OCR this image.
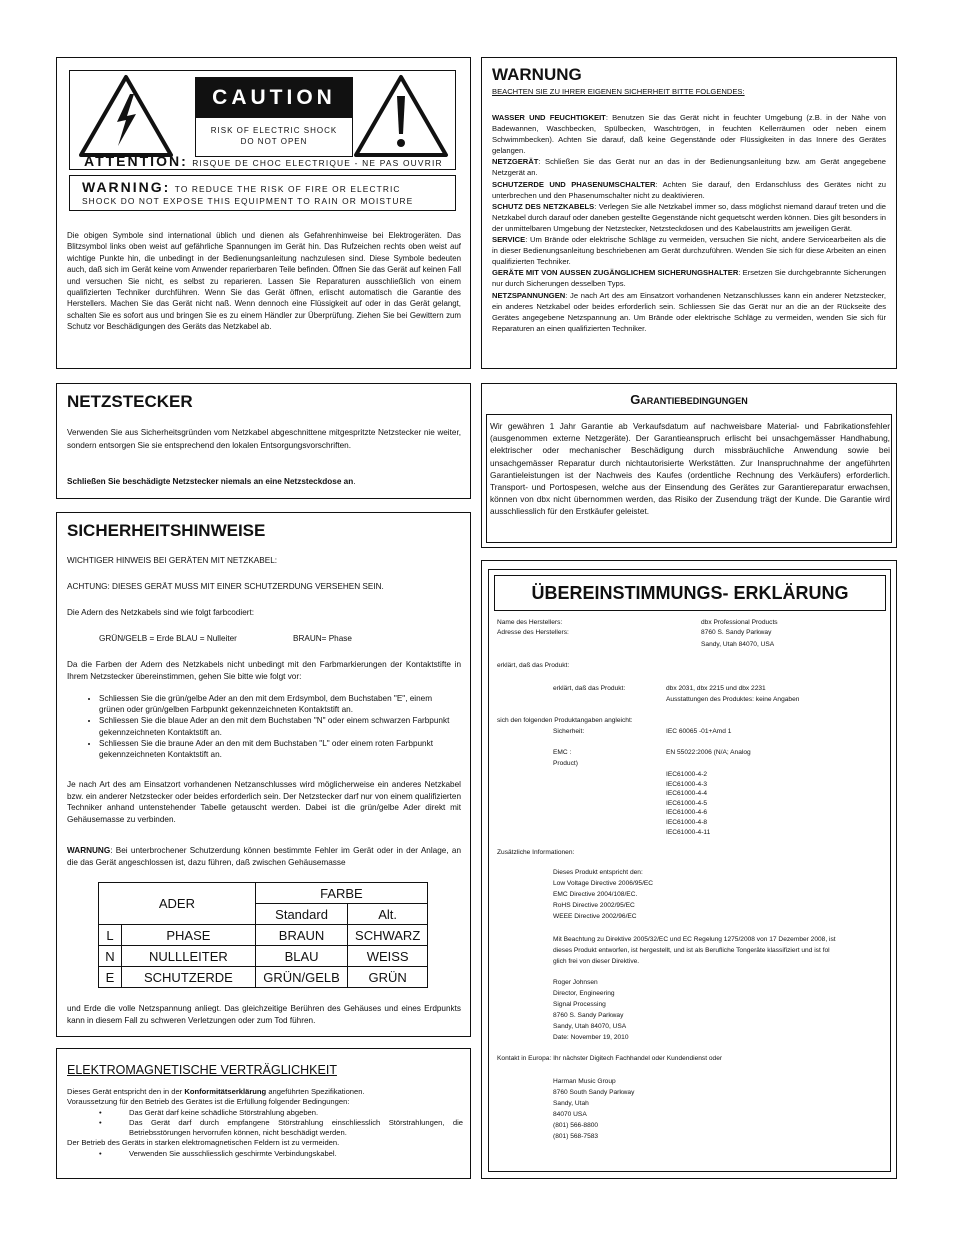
CAUTION
RISK OF ELECTRIC SHOCK
DO NOT OPEN
ATTENTION: RISQUE DE CHOC ELECTRIQUE - NE PAS OUVRIR
WARNING: TO REDUCE THE RISK OF FIRE OR ELECTRIC
SHOCK DO NOT EXPOSE THIS EQUIPMENT TO RAIN OR MOISTURE

Die obigen Symbole sind international üblich und dienen als Gefahrenhinweise bei Elektrogeräten. Das Blitzsymbol links oben weist auf gefährliche Spannungen im Gerät hin. Das Rufzeichen rechts oben weist auf wichtige Punkte hin, die unbedingt in der Bedienungsanleitung nachzulesen sind. Diese Symbole bedeuten auch, daß sich im Gerät keine vom Anwender reparierbaren Teile befinden. Öffnen Sie das Gerät auf keinen Fall und versuchen Sie nicht, es selbst zu reparieren. Lassen Sie Reparaturen ausschließlich von einem qualifizierten Techniker durchführen. Wenn Sie das Gerät öffnen, erlischt automatisch die Garantie des Herstellers. Machen Sie das Gerät nicht naß. Wenn dennoch eine Flüssigkeit auf oder in das Gerät gelangt, schalten Sie es sofort aus und bringen Sie es zu einem Händler zur Überprüfung. Ziehen Sie bei Gewittern zum Schutz vor Beschädigungen des Geräts das Netzkabel ab.

WARNUNG
BEACHTEN SIE ZU IHRER EIGENEN SICHERHEIT BITTE FOLGENDES:

WASSER UND FEUCHTIGKEIT: Benutzen Sie das Gerät nicht in feuchter Umgebung (z.B. in der Nähe von Badewannen, Waschbecken, Spülbecken, Waschtrögen, in feuchten Kellerräumen oder neben einem Schwimmbecken). Achten Sie darauf, daß keine Gegenstände oder Flüssigkeiten in das Innere des Gerätes gelangen.

NETZGERÄT: Schließen Sie das Gerät nur an das in der Bedienungsanleitung bzw. am Gerät angegebene Netzgerät an.

SCHUTZERDE UND PHASENUMSCHALTER: Achten Sie darauf, den Erdanschluss des Gerätes nicht zu unterbrechen und den Phasenumschalter nicht zu deaktivieren.

SCHUTZ DES NETZKABELS: Verlegen Sie alle Netzkabel immer so, dass möglichst niemand darauf treten und die Netzkabel durch darauf oder daneben gestellte Gegenstände nicht gequetscht werden können. Dies gilt besonders in der unmittelbaren Umgebung der Netzstecker, Netzsteckdosen und des Kabelaustritts am jeweiligen Gerät.

SERVICE: Um Brände oder elektrische Schläge zu vermeiden, versuchen Sie nicht, andere Servicearbeiten als die in dieser Bedienungsanleitung beschriebenen am Gerät durchzuführen. Wenden Sie sich für diese Arbeiten an einen qualifizierten Techniker.

GERÄTE MIT VON AUSSEN ZUGÄNGLICHEM SICHERUNGSHALTER: Ersetzen Sie durchgebrannte Sicherungen nur durch Sicherungen desselben Typs.

NETZSPANNUNGEN: Je nach Art des am Einsatzort vorhandenen Netzanschlusses kann ein anderer Netzstecker, ein anderes Netzkabel oder beides erforderlich sein. Schliessen Sie das Gerät nur an die an der Rückseite des Gerätes angegebene Netzspannung an. Um Brände oder elektrische Schläge zu vermeiden, wenden Sie sich für Reparaturen an einen qualifizierten Techniker.

NETZSTECKER

Verwenden Sie aus Sicherheitsgründen vom Netzkabel abgeschnittene mitgespritzte Netzstecker nie weiter, sondern entsorgen Sie sie entsprechend den lokalen Entsorgungsvorschriften.

Schließen Sie beschädigte Netzstecker niemals an eine Netzsteckdose an.

Garantiebedingungen

Wir gewähren 1 Jahr Garantie ab Verkaufsdatum auf nachweisbare Material- und Fabrikationsfehler (ausgenommen externe Netzgeräte). Der Garantieanspruch erlischt bei unsachgemässer Handhabung, elektrischer oder mechanischer Beschädigung durch missbräuchliche Anwendung sowie bei unsachgemässer Reparatur durch nichtautorisierte Werkstätten. Zur Inanspruchnahme der angeführten Garantieleistungen ist der Nachweis des Kaufes (ordentliche Rechnung des Verkäufers) erforderlich. Transport- und Portospesen, welche aus der Einsendung des Gerätes zur Garantiereparatur erwachsen, können von dbx nicht übernommen werden, das Risiko der Zusendung trägt der Kunde. Die Garantie wird ausschliesslich für den Erstkäufer geleistet.

SICHERHEITSHINWEISE
WICHTIGER HINWEIS BEI GERÄTEN MIT NETZKABEL:
ACHTUNG: DIESES GERÄT MUSS MIT EINER SCHUTZERDUNG VERSEHEN SEIN.
Die Adern des Netzkabels sind wie folgt farbcodiert:
GRÜN/GELB = Erde BLAU = Nulleiter	BRAUN= Phase

Da die Farben der Adern des Netzkabels nicht unbedingt mit den Farbmarkierungen der Kontaktstifte in Ihrem Netzstecker übereinstimmen, gehen Sie bitte wie folgt vor:

• Schliessen Sie die grün/gelbe Ader an den mit dem Erdsymbol, dem Buchstaben "E", einem grünen oder grün/gelben Farbpunkt gekennzeichneten Kontaktstift an.
• Schliessen Sie die blaue Ader an den mit dem Buchstaben "N" oder einem schwarzen Farbpunkt gekennzeichneten Kontaktstift an.
• Schliessen Sie die braune Ader an den mit dem Buchstaben "L" oder einem roten Farbpunkt gekennzeichneten Kontaktstift an.

Je nach Art des am Einsatzort vorhandenen Netzanschlusses wird möglicherweise ein anderes Netzkabel bzw. ein anderer Netzstecker oder beides erforderlich sein. Der Netzstecker darf nur von einem qualifizierten Techniker anhand untenstehender Tabelle getauscht werden. Dabei ist die grün/gelbe Ader direkt mit Gehäusemasse zu verbinden.

WARNUNG: Bei unterbrochener Schutzerdung können bestimmte Fehler im Gerät oder in der Anlage, an die das Gerät angeschlossen ist, dazu führen, daß zwischen Gehäusemasse

ADER		FARBE	
		Standard	Alt.
L	PHASE	BRAUN	SCHWARZ
N	NULLLEITER	BLAU	WEISS
E	SCHUTZERDE	GRÜN/GELB	GRÜN

und Erde die volle Netzspannung anliegt. Das gleichzeitige Berühren des Gehäuses und eines Erdpunkts kann in diesem Fall zu schweren Verletzungen oder zum Tod führen.

ELEKTROMAGNETISCHE VERTRÄGLICHKEIT
Dieses Gerät entspricht den in der Konformitätserklärung angeführten Spezifikationen.
Voraussetzung für den Betrieb des Gerätes ist die Erfüllung folgender Bedingungen:
•	Das Gerät darf keine schädliche Störstrahlung abgeben.
•	Das Gerät darf durch empfangene Störstrahlung einschliesslich Störstrahlungen, die Betriebsstörungen hervorrufen können, nicht beschädigt werden.
Der Betrieb des Geräts in starken elektromagnetischen Feldern ist zu vermeiden.
•	Verwenden Sie ausschliesslich geschirmte Verbindungskabel.
ÜBEREINSTIMMUNGS- ERKLÄRUNG
Name des Herstellers:	dbx Professional Products
Adresse des Herstellers:	8760 S. Sandy Parkway
Sandy, Utah 84070, USA
erklärt, daß das Produkt:
erklärt, daß das Produkt:	dbx 2031, dbx 2215 und dbx 2231
Ausstattungen des Produktes: keine Angaben
sich den folgenden Produktangaben angleicht:
Sicherheit:	IEC 60065 -01+Amd 1
EMC :	EN 55022:2006 (N/A; Analog
Product)
IEC61000-4-2
IEC61000-4-3
IEC61000-4-4
IEC61000-4-5
IEC61000-4-6
IEC61000-4-8
IEC61000-4-11
Zusätzliche Informationen:
Dieses Produkt entspricht den:
Low Voltage Directive 2006/95/EC
EMC Directive 2004/108/EC.
RoHS Directive 2002/95/EC
WEEE Directive 2002/96/EC
Mit Beachtung zu Direktive 2005/32/EC und EC Regelung 1275/2008 von 17 Dezember 2008, ist
dieses Produkt entworfen, ist hergestellt, und ist als Berufliche Tongeräte klassifiziert und ist fol
glich frei von dieser Direktive.
Roger Johnsen
Director, Engineering
Signal Processing
8760 S. Sandy Parkway
Sandy, Utah 84070, USA
Date: November 19, 2010
Kontakt in Europa: Ihr nächster Digitech Fachhandel oder Kundendienst oder
Harman Music Group
8760 South Sandy Parkway
Sandy, Utah
84070 USA
(801) 566-8800
(801) 568-7583
